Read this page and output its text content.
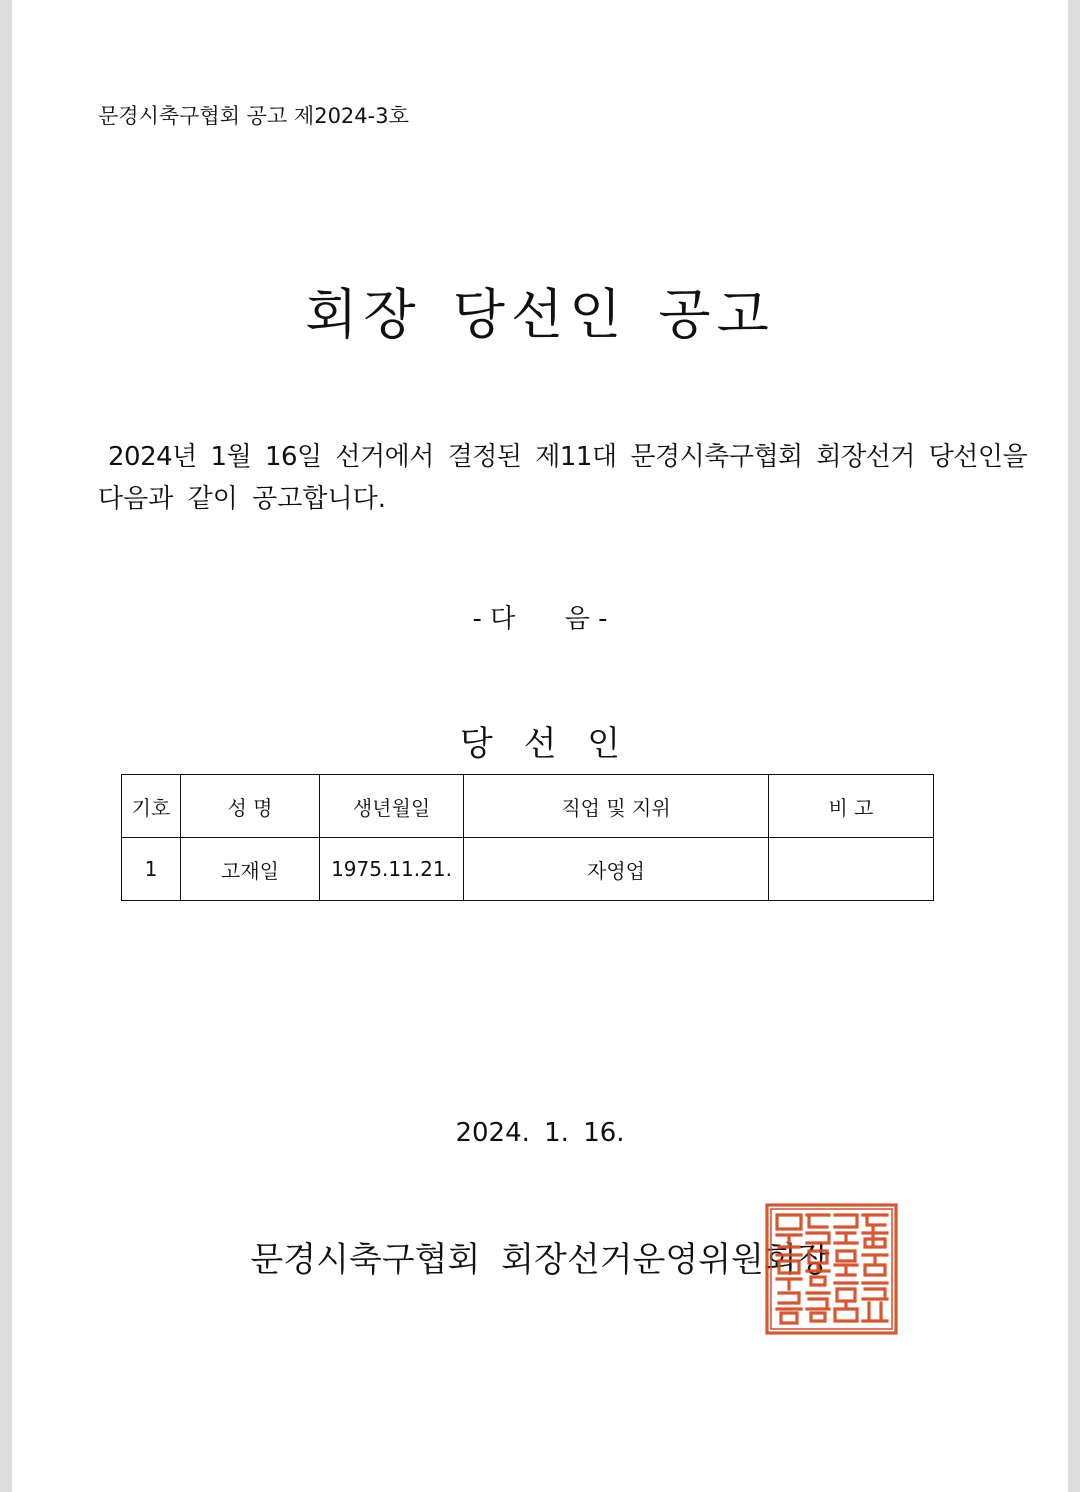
문경시축구협회 공고 제2024-3호
회장 당선인 공고
2024년 1월 16일 선거에서 결정된 제11대 문경시축구협회 회장선거 당선인을
다음과 같이 공고합니다.
- 다      음 -
당 선 인
기호	성 명	생년월일	직업 및 지위	비 고
1	고재일	1975.11.21.	자영업	
2024. 1. 16.
문경시축구협회 회장선거운영위원회장
